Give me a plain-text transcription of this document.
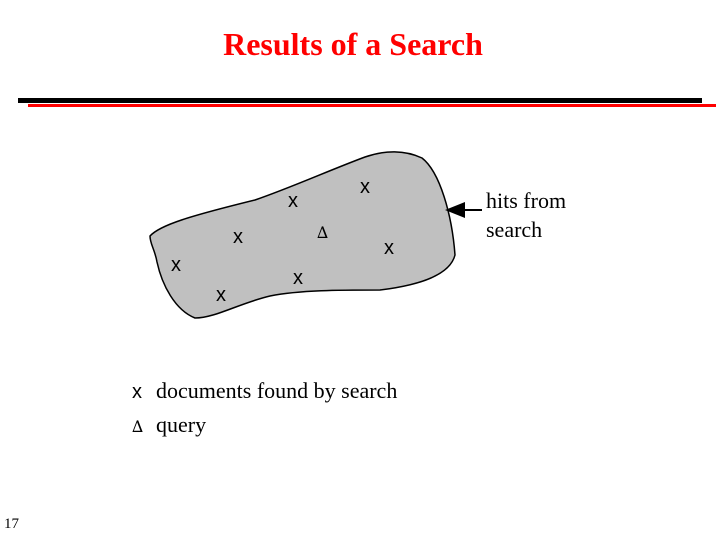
Results of a Search
x
x
x	x
x
x
x
∆
hits from
search
x documents found by search
∆ query
17
